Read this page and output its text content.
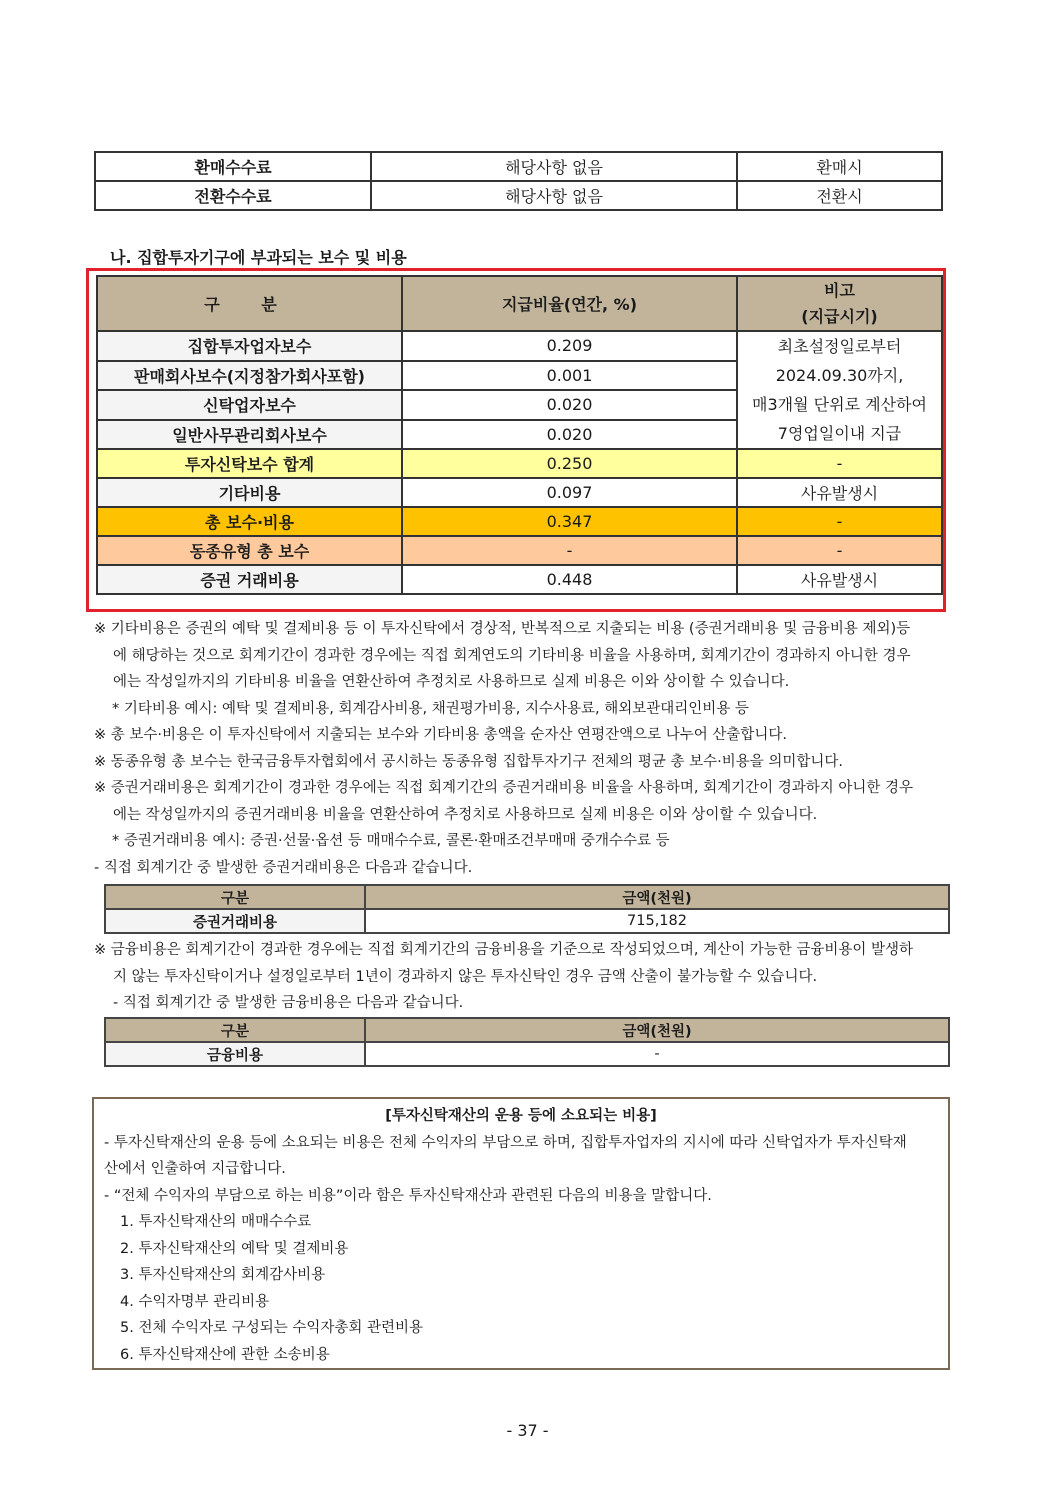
환매수수료	해당사항 없음	환매시
전환수수료	해당사항 없음	전환시
나. 집합투자기구에 부과되는 보수 및 비용
구 분	지급비율(연간, %)	비고
(지급시기)

집합투자업자보수	0.209	최초설정일로부터
2024.09.30까지,
매3개월 단위로 계산하여
7영업일이내 지급

판매회사보수(지정참가회사포함)	0.001	
신탁업자보수	0.020	
일반사무관리회사보수	0.020	
투자신탁보수 합계	0.250	-
기타비용	0.097	사유발생시
총 보수·비용	0.347	-
동종유형 총 보수	-	-
증권 거래비용	0.448	사유발생시
※ 기타비용은 증권의 예탁 및 결제비용 등 이 투자신탁에서 경상적, 반복적으로 지출되는 비용 (증권거래비용 및 금융비용 제외)등
에 해당하는 것으로 회계기간이 경과한 경우에는 직접 회계연도의 기타비용 비율을 사용하며, 회계기간이 경과하지 아니한 경우
에는 작성일까지의 기타비용 비율을 연환산하여 추정치로 사용하므로 실제 비용은 이와 상이할 수 있습니다.
* 기타비용 예시: 예탁 및 결제비용, 회계감사비용, 채권평가비용, 지수사용료, 해외보관대리인비용 등
※ 총 보수·비용은 이 투자신탁에서 지출되는 보수와 기타비용 총액을 순자산 연평잔액으로 나누어 산출합니다.
※ 동종유형 총 보수는 한국금융투자협회에서 공시하는 동종유형 집합투자기구 전체의 평균 총 보수·비용을 의미합니다.
※ 증권거래비용은 회계기간이 경과한 경우에는 직접 회계기간의 증권거래비용 비율을 사용하며, 회계기간이 경과하지 아니한 경우
에는 작성일까지의 증권거래비용 비율을 연환산하여 추정치로 사용하므로 실제 비용은 이와 상이할 수 있습니다.
* 증권거래비용 예시: 증권·선물·옵션 등 매매수수료, 콜론·환매조건부매매 중개수수료 등
- 직접 회계기간 중 발생한 증권거래비용은 다음과 같습니다.
구분	금액(천원)
증권거래비용	715,182
※ 금융비용은 회계기간이 경과한 경우에는 직접 회계기간의 금융비용을 기준으로 작성되었으며, 계산이 가능한 금융비용이 발생하
지 않는 투자신탁이거나 설정일로부터 1년이 경과하지 않은 투자신탁인 경우 금액 산출이 불가능할 수 있습니다.
- 직접 회계기간 중 발생한 금융비용은 다음과 같습니다.
구분	금액(천원)
금융비용	-
[투자신탁재산의 운용 등에 소요되는 비용]
- 투자신탁재산의 운용 등에 소요되는 비용은 전체 수익자의 부담으로 하며, 집합투자업자의 지시에 따라 신탁업자가 투자신탁재
산에서 인출하여 지급합니다.
- “전체 수익자의 부담으로 하는 비용”이라 함은 투자신탁재산과 관련된 다음의 비용을 말합니다.
1. 투자신탁재산의 매매수수료
2. 투자신탁재산의 예탁 및 결제비용
3. 투자신탁재산의 회계감사비용
4. 수익자명부 관리비용
5. 전체 수익자로 구성되는 수익자총회 관련비용
6. 투자신탁재산에 관한 소송비용
- 37 -
